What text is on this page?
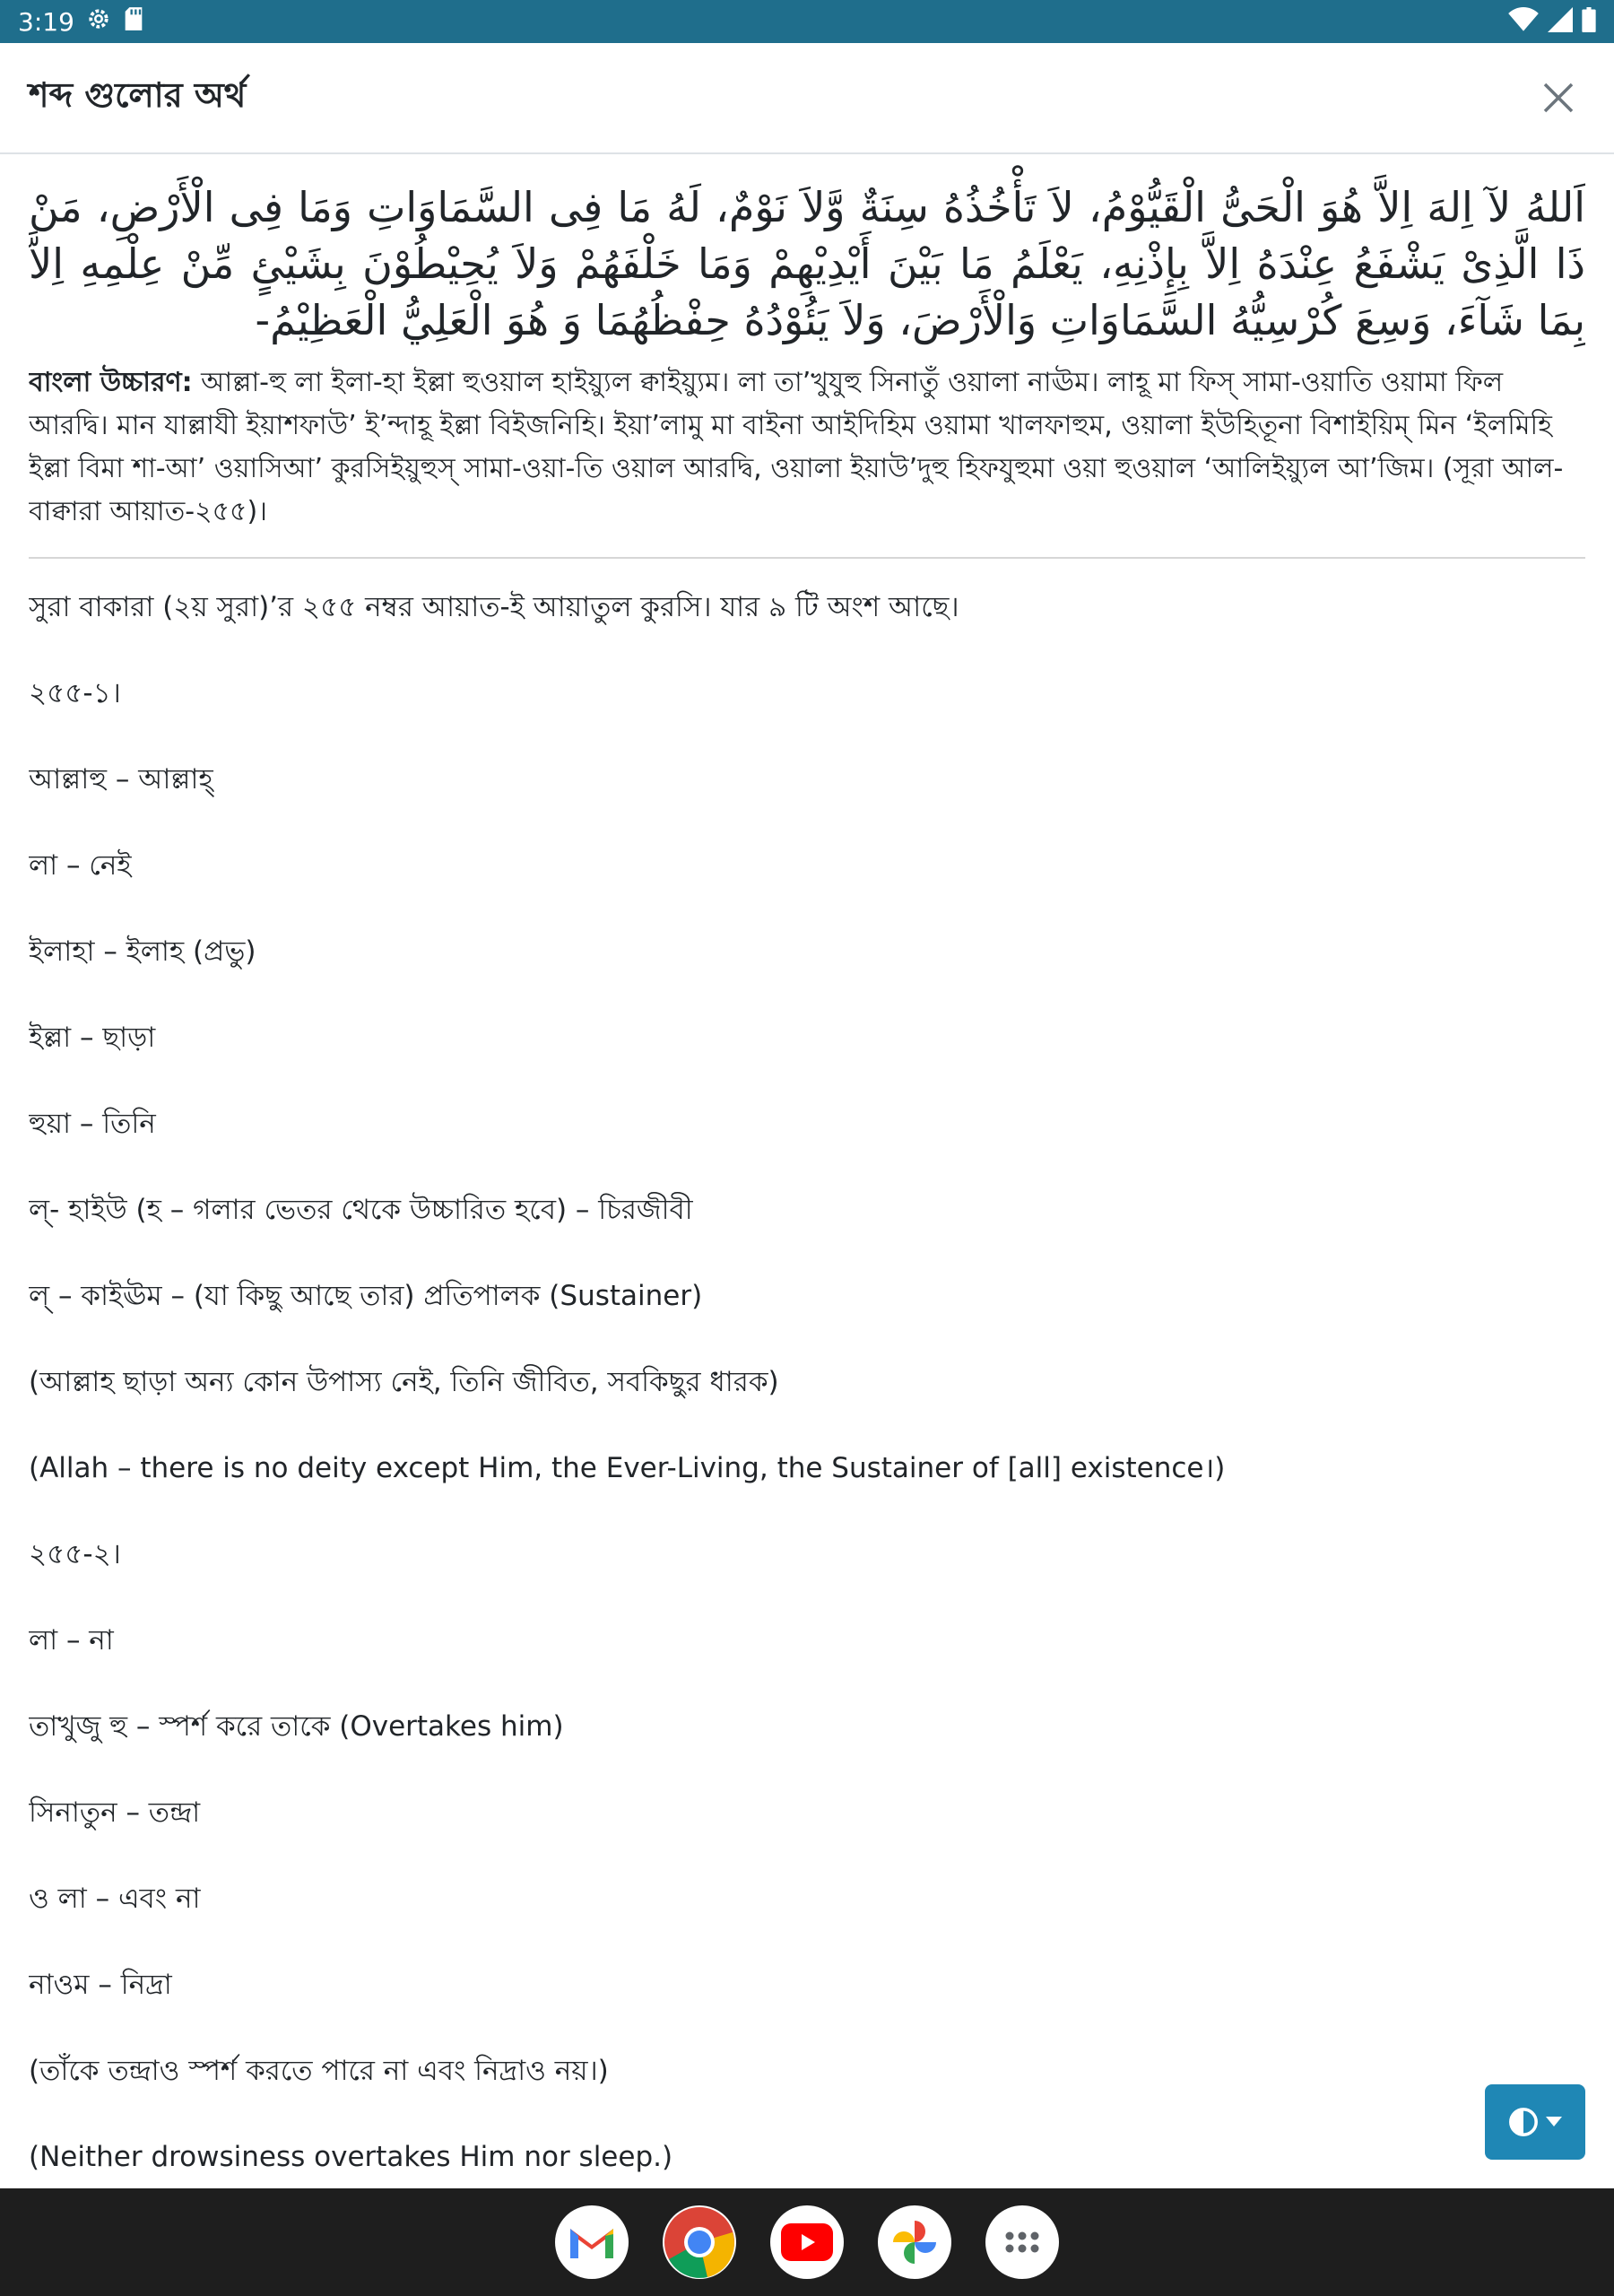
3:19
শব্দ গুলোর অর্থ
اَللهُ لآ اِلهَ اِلاَّ هُوَ الْحَىُّ الْقَيُّوْمُ، لاَ تَأْخُذُهُ سِنَةٌ وَّلاَ نَوْمٌ، لَهُ مَا فِى السَّمَاوَاتِ وَمَا فِى الْأَرْضِ، مَنْ ذَا الَّذِىْ يَشْفَعُ عِنْدَهُ اِلاَّ بِإِذْنِهِ، يَعْلَمُ مَا بَيْنَ أَيْدِيْهِمْ وَمَا خَلْفَهُمْ وَلاَ يُحِيْطُوْنَ بِشَيْئٍ مِّنْ عِلْمِهِ اِلاَّ بِمَا شَآءَ، وَسِعَ كُرْسِيُّهُ السَّمَاوَاتِ وَالْأَرْضَ، وَلاَ يَئُوْدُهُ حِفْظُهُمَا وَ هُوَ الْعَلِيُّ الْعَظِيْمُ-
বাংলা উচ্চারণ: আল্লা-হু লা ইলা-হা ইল্লা হুওয়াল হাইয়্যুল ক্বাইয়্যুম। লা তা’খুযুহু সিনাতুঁ ওয়ালা নাঊম। লাহূ মা ফিস্ সামা-ওয়াতি ওয়ামা ফিল আরদ্বি। মান যাল্লাযী ইয়াশফাউ’ ই’ন্দাহূ ইল্লা বিইজনিহি। ইয়া’লামু মা বাইনা আইদিহিম ওয়ামা খালফাহুম, ওয়ালা ইউহিতূনা বিশাইয়িম্ মিন ‘ইলমিহি ইল্লা বিমা শা-আ’ ওয়াসিআ’ কুরসিইয়ুহুস্ সামা-ওয়া-তি ওয়াল আরদ্বি, ওয়ালা ইয়াউ’দুহু হিফযুহুমা ওয়া হুওয়াল ‘আলিইয়্যুল আ’জিম। (সূরা আল-বাক্বারা আয়াত-২৫৫)।
সুরা বাকারা (২য় সুরা)’র ২৫৫ নম্বর আয়াত-ই আয়াতুল কুরসি। যার ৯ টি অংশ আছে।
২৫৫-১।
আল্লাহু – আল্লাহ্
লা – নেই
ইলাহা – ইলাহ (প্রভু)
ইল্লা – ছাড়া
হুয়া – তিনি
ল্- হাইউ (হ – গলার ভেতর থেকে উচ্চারিত হবে) – চিরজীবী
ল্ – কাইঊম – (যা কিছু আছে তার) প্রতিপালক (Sustainer)
(আল্লাহ ছাড়া অন্য কোন উপাস্য নেই, তিনি জীবিত, সবকিছুর ধারক)
(Allah – there is no deity except Him, the Ever-Living, the Sustainer of [all] existence।)
২৫৫-২।
লা – না
তাখুজু হু – স্পর্শ করে তাকে (Overtakes him)
সিনাতুন – তন্দ্রা
ও লা – এবং না
নাওম – নিদ্রা
(তাঁকে তন্দ্রাও স্পর্শ করতে পারে না এবং নিদ্রাও নয়।)
(Neither drowsiness overtakes Him nor sleep.)
